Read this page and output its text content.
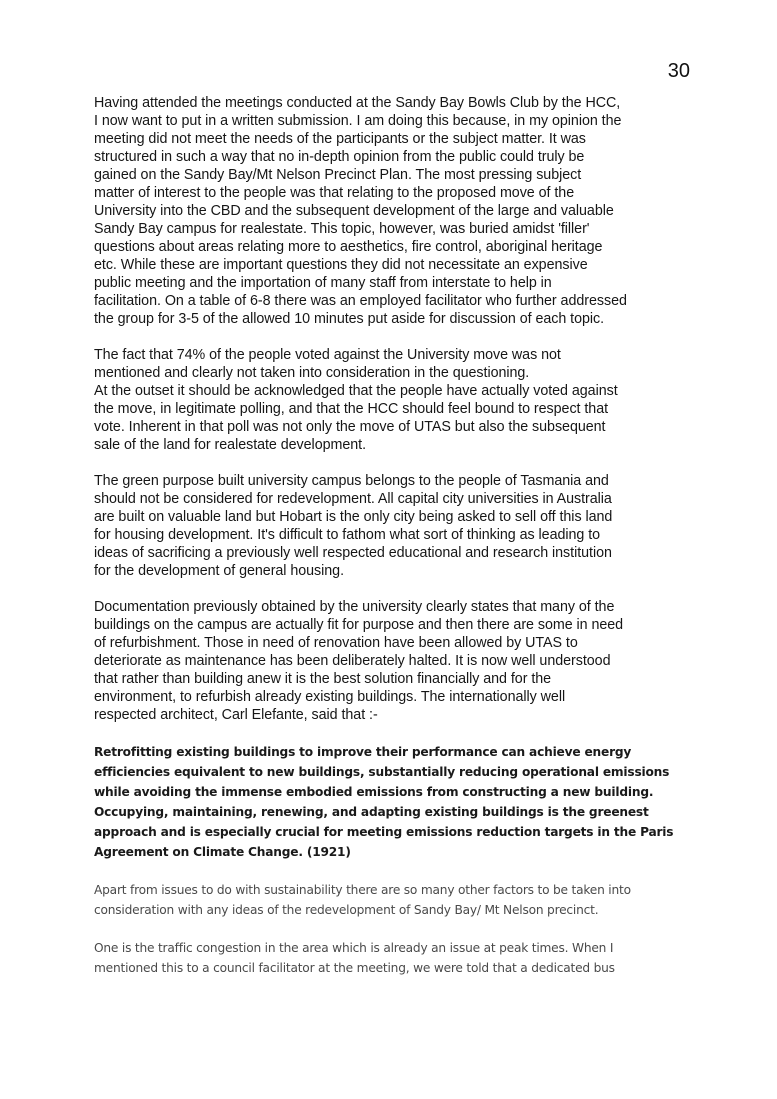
30

Having attended the meetings conducted at the Sandy Bay Bowls Club by the HCC,
I now want to put in a written submission. I am doing this because, in my opinion the
meeting did not meet the needs of the participants or the subject matter. It was
structured in such a way that no in-depth opinion from the public could truly be
gained on the Sandy Bay/Mt Nelson Precinct Plan. The most pressing subject
matter of interest to the people was that relating to the proposed move of the
University into the CBD and the subsequent development of the large and valuable
Sandy Bay campus for realestate. This topic, however, was buried amidst 'filler'
questions about areas relating more to aesthetics, fire control, aboriginal heritage
etc. While these are important questions they did not necessitate an expensive
public meeting and the importation of many staff from interstate to help in
facilitation. On a table of 6-8 there was an employed facilitator who further addressed
the group for 3-5 of the allowed 10 minutes put aside for discussion of each topic.

The fact that 74% of the people voted against the University move was not
mentioned and clearly not taken into consideration in the questioning.
At the outset it should be acknowledged that the people have actually voted against
the move, in legitimate polling, and that the HCC should feel bound to respect that
vote. Inherent in that poll was not only the move of UTAS but also the subsequent
sale of the land for realestate development.

The green purpose built university campus belongs to the people of Tasmania and
should not be considered for redevelopment. All capital city universities in Australia
are built on valuable land but Hobart is the only city being asked to sell off this land
for housing development. It's difficult to fathom what sort of thinking as leading to
ideas of sacrificing a previously well respected educational and research institution
for the development of general housing.

Documentation previously obtained by the university clearly states that many of the
buildings on the campus are actually fit for purpose and then there are some in need
of refurbishment. Those in need of renovation have been allowed by UTAS to
deteriorate as maintenance has been deliberately halted. It is now well understood
that rather than building anew it is the best solution financially and for the
environment, to refurbish already existing buildings. The internationally well
respected architect, Carl Elefante, said that :-

Retrofitting existing buildings to improve their performance can achieve energy
efficiencies equivalent to new buildings, substantially reducing operational emissions
while avoiding the immense embodied emissions from constructing a new building.
Occupying, maintaining, renewing, and adapting existing buildings is the greenest
approach and is especially crucial for meeting emissions reduction targets in the Paris
Agreement on Climate Change. (1921)

Apart from issues to do with sustainability there are so many other factors to be taken into
consideration with any ideas of the redevelopment of Sandy Bay/ Mt Nelson precinct.

One is the traffic congestion in the area which is already an issue at peak times. When I
mentioned this to a council facilitator at the meeting, we were told that a dedicated bus
